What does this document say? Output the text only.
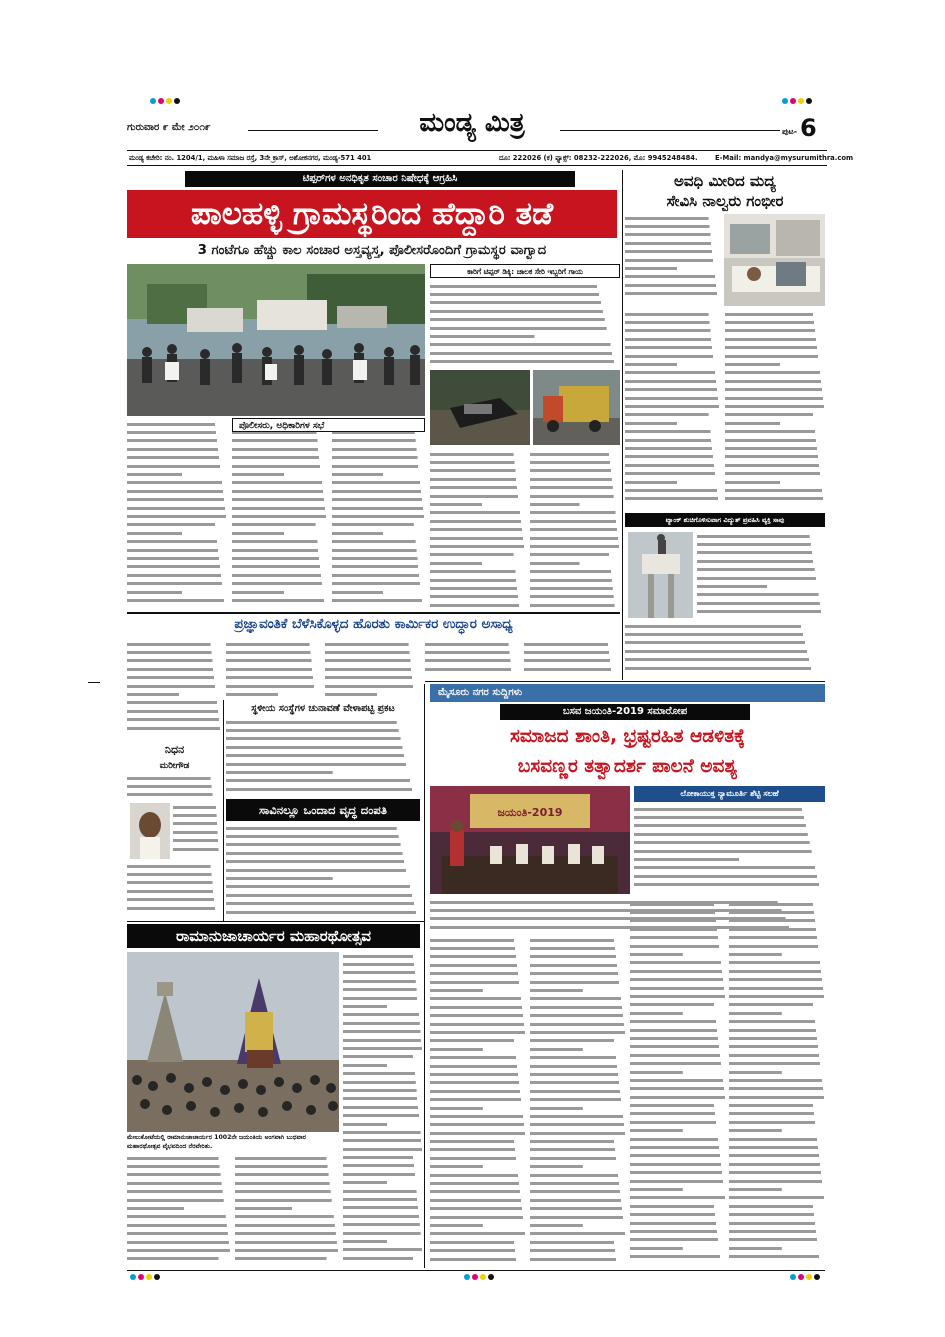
ಗುರುವಾರ ೯ ಮೇ ೨೦೧೯	ಮಂಡ್ಯ ಮಿತ್ರ	ಪುಟ- 6
ಮಂಡ್ಯ ಕಚೇರಿ: ನಂ. 1204/1, ಮಹಿಳಾ ಸಮಾಜ ರಸ್ತೆ, 3ನೇ ಕ್ರಾಸ್, ಅಶೋಕನಗರ, ಮಂಡ್ಯ-571 401	ದೂ: 222026 (ಕ) ಫ್ಯಾಕ್ಸ್: 08232-222026, ಮೊ: 9945248484.	E-Mail: mandya@mysurumithra.com
ಟಿಪ್ಪರ್‌ಗಳ ಅನಧಿಕೃತ ಸಂಚಾರ ನಿಷೇಧಕ್ಕೆ ಆಗ್ರಹಿಸಿ
ಪಾಲಹಳ್ಳಿ ಗ್ರಾಮಸ್ಥರಿಂದ ಹೆದ್ದಾರಿ ತಡೆ
3 ಗಂಟೆಗೂ ಹೆಚ್ಚು ಕಾಲ ಸಂಚಾರ ಅಸ್ತವ್ಯಸ್ತ, ಪೊಲೀಸರೊಂದಿಗೆ ಗ್ರಾಮಸ್ಥರ ವಾಗ್ವಾದ
ಪೊಲೀಸರು, ಅಧಿಕಾರಿಗಳ ಸಭೆ
ಕಾರಿಗೆ ಟಿಪ್ಪರ್ ಡಿಕ್ಕಿ: ಚಾಲಕ ಸೇರಿ ಇಬ್ಬರಿಗೆ ಗಾಯ
ಅವಧಿ ಮೀರಿದ ಮದ್ಯ
ಸೇವಿಸಿ ನಾಲ್ವರು ಗಂಭೀರ
ಟ್ಯಾಂಕ್ ಶುಚಿಗೊಳಿಸುವಾಗ ವಿದ್ಯುತ್ ಪ್ರವಹಿಸಿ ವ್ಯಕ್ತಿ ಸಾವು
ಪ್ರಜ್ಞಾವಂತಿಕೆ ಬೆಳೆಸಿಕೊಳ್ಳದ ಹೊರತು ಕಾರ್ಮಿಕರ ಉದ್ಧಾರ ಅಸಾಧ್ಯ
ಸ್ಥಳೀಯ ಸಂಸ್ಥೆಗಳ ಚುನಾವಣೆ ವೇಳಾಪಟ್ಟಿ ಪ್ರಕಟ
ನಿಧನ
ಮರೀಗೌಡ
ಸಾವಿನಲ್ಲೂ ಒಂದಾದ ವೃದ್ಧ ದಂಪತಿ
ರಾಮಾನುಜಾಚಾರ್ಯರ ಮಹಾರಥೋತ್ಸವ
ಮೇಲುಕೋಟೆಯಲ್ಲಿ ರಾಮಾನುಜಾಚಾರ್ಯರ 1002ನೇ ಜಯಂತಿಯ ಅಂಗವಾಗಿ ಬುಧವಾರ ಮಹಾರಥೋತ್ಸವ ವೈಭವದಿಂದ ನೆರವೇರಿತು.
ಮೈಸೂರು ನಗರ ಸುದ್ದಿಗಳು
ಬಸವ ಜಯಂತಿ-2019 ಸಮಾರೋಪ
ಸಮಾಜದ ಶಾಂತಿ, ಭ್ರಷ್ಟರಹಿತ ಆಡಳಿತಕ್ಕೆ
ಬಸವಣ್ಣರ ತತ್ವಾದರ್ಶ ಪಾಲನೆ ಅವಶ್ಯ
ಜಯಂತಿ-2019
ಲೋಕಾಯುಕ್ತ ನ್ಯಾಮೂರ್ತಿ ಶೆಟ್ಟಿ ಸಲಹೆ
